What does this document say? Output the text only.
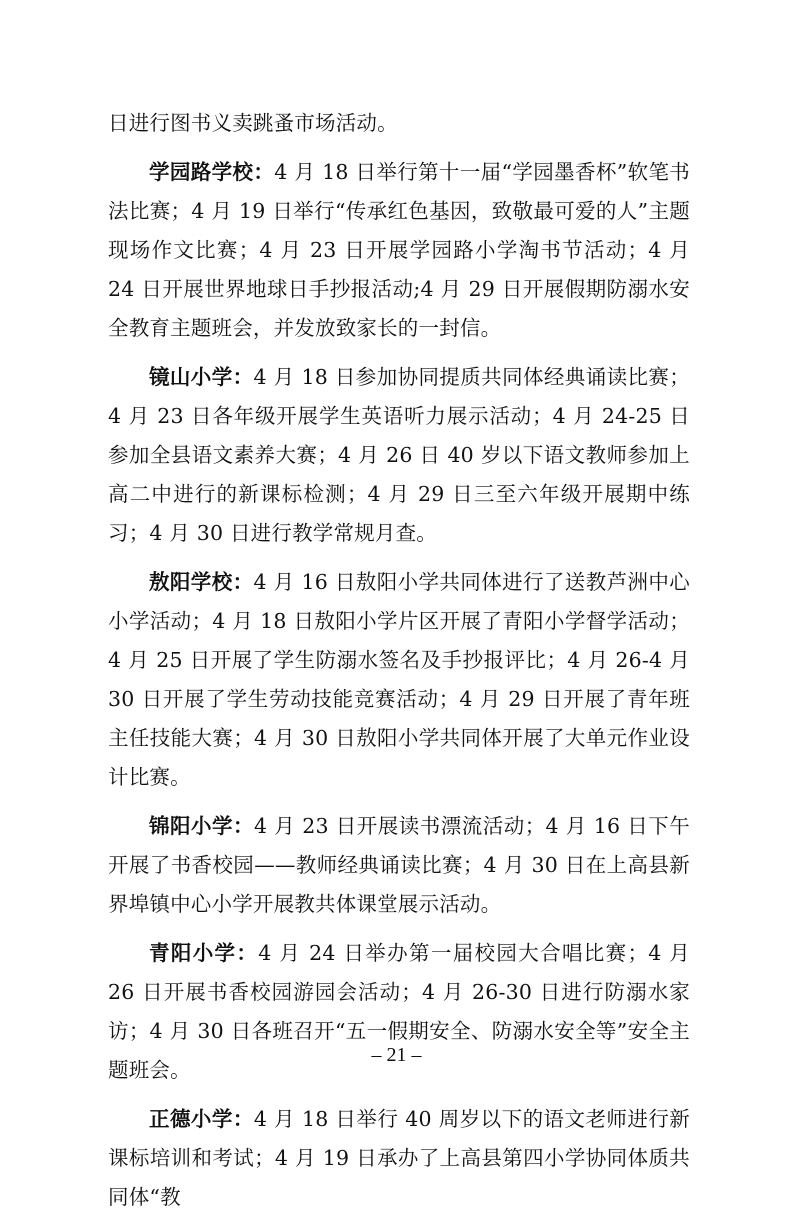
日进行图书义卖跳蚤市场活动。

学园路学校：4 月 18 日举行第十一届“学园墨香杯”软笔书法比赛；4 月 19 日举行“传承红色基因，致敬最可爱的人”主题现场作文比赛；4 月 23 日开展学园路小学淘书节活动；4 月 24 日开展世界地球日手抄报活动;4 月 29 日开展假期防溺水安全教育主题班会，并发放致家长的一封信。

镜山小学：4 月 18 日参加协同提质共同体经典诵读比赛；4 月 23 日各年级开展学生英语听力展示活动；4 月 24-25 日参加全县语文素养大赛；4 月 26 日 40 岁以下语文教师参加上高二中进行的新课标检测；4 月 29 日三至六年级开展期中练习；4 月 30 日进行教学常规月查。

敖阳学校：4 月 16 日敖阳小学共同体进行了送教芦洲中心小学活动；4 月 18 日敖阳小学片区开展了青阳小学督学活动；4 月 25 日开展了学生防溺水签名及手抄报评比；4 月 26-4 月 30 日开展了学生劳动技能竞赛活动；4 月 29 日开展了青年班主任技能大赛；4 月 30 日敖阳小学共同体开展了大单元作业设计比赛。

锦阳小学：4 月 23 日开展读书漂流活动；4 月 16 日下午开展了书香校园——教师经典诵读比赛；4 月 30 日在上高县新界埠镇中心小学开展教共体课堂展示活动。

青阳小学：4 月 24 日举办第一届校园大合唱比赛；4 月 26 日开展书香校园游园会活动；4 月 26-30 日进行防溺水家访；4 月 30 日各班召开“五一假期安全、防溺水安全等”安全主题班会。

正德小学：4 月 18 日举行 40 周岁以下的语文老师进行新课标培训和考试；4 月 19 日承办了上高县第四小学协同体质共同体“教

– 21 –
